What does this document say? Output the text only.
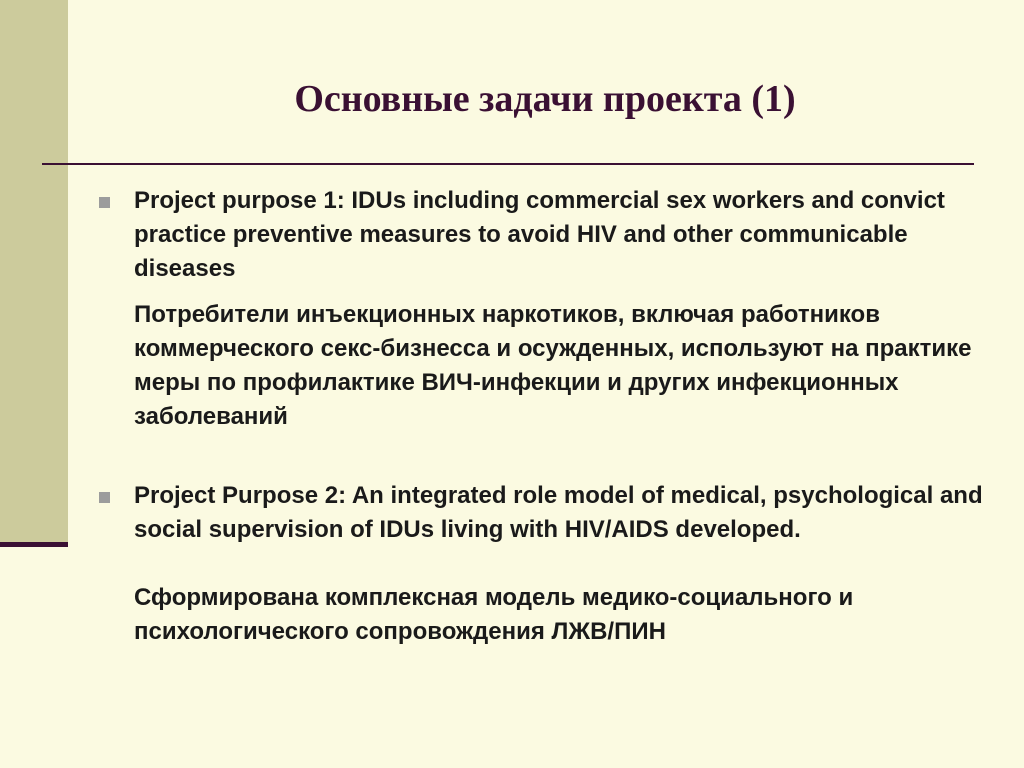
Основные задачи проекта (1)

Project purpose 1: IDUs including commercial sex workers and convict practice preventive measures to avoid HIV and other communicable diseases

Потребители инъекционных наркотиков, включая работников коммерческого секс-бизнесса и осужденных, используют на практике меры по профилактике ВИЧ-инфекции и других инфекционных заболеваний

Project Purpose 2: An integrated role model of medical, psychological and social supervision of IDUs living with HIV/AIDS developed.

Сформирована комплексная модель медико-социального и психологического сопровождения ЛЖВ/ПИН
